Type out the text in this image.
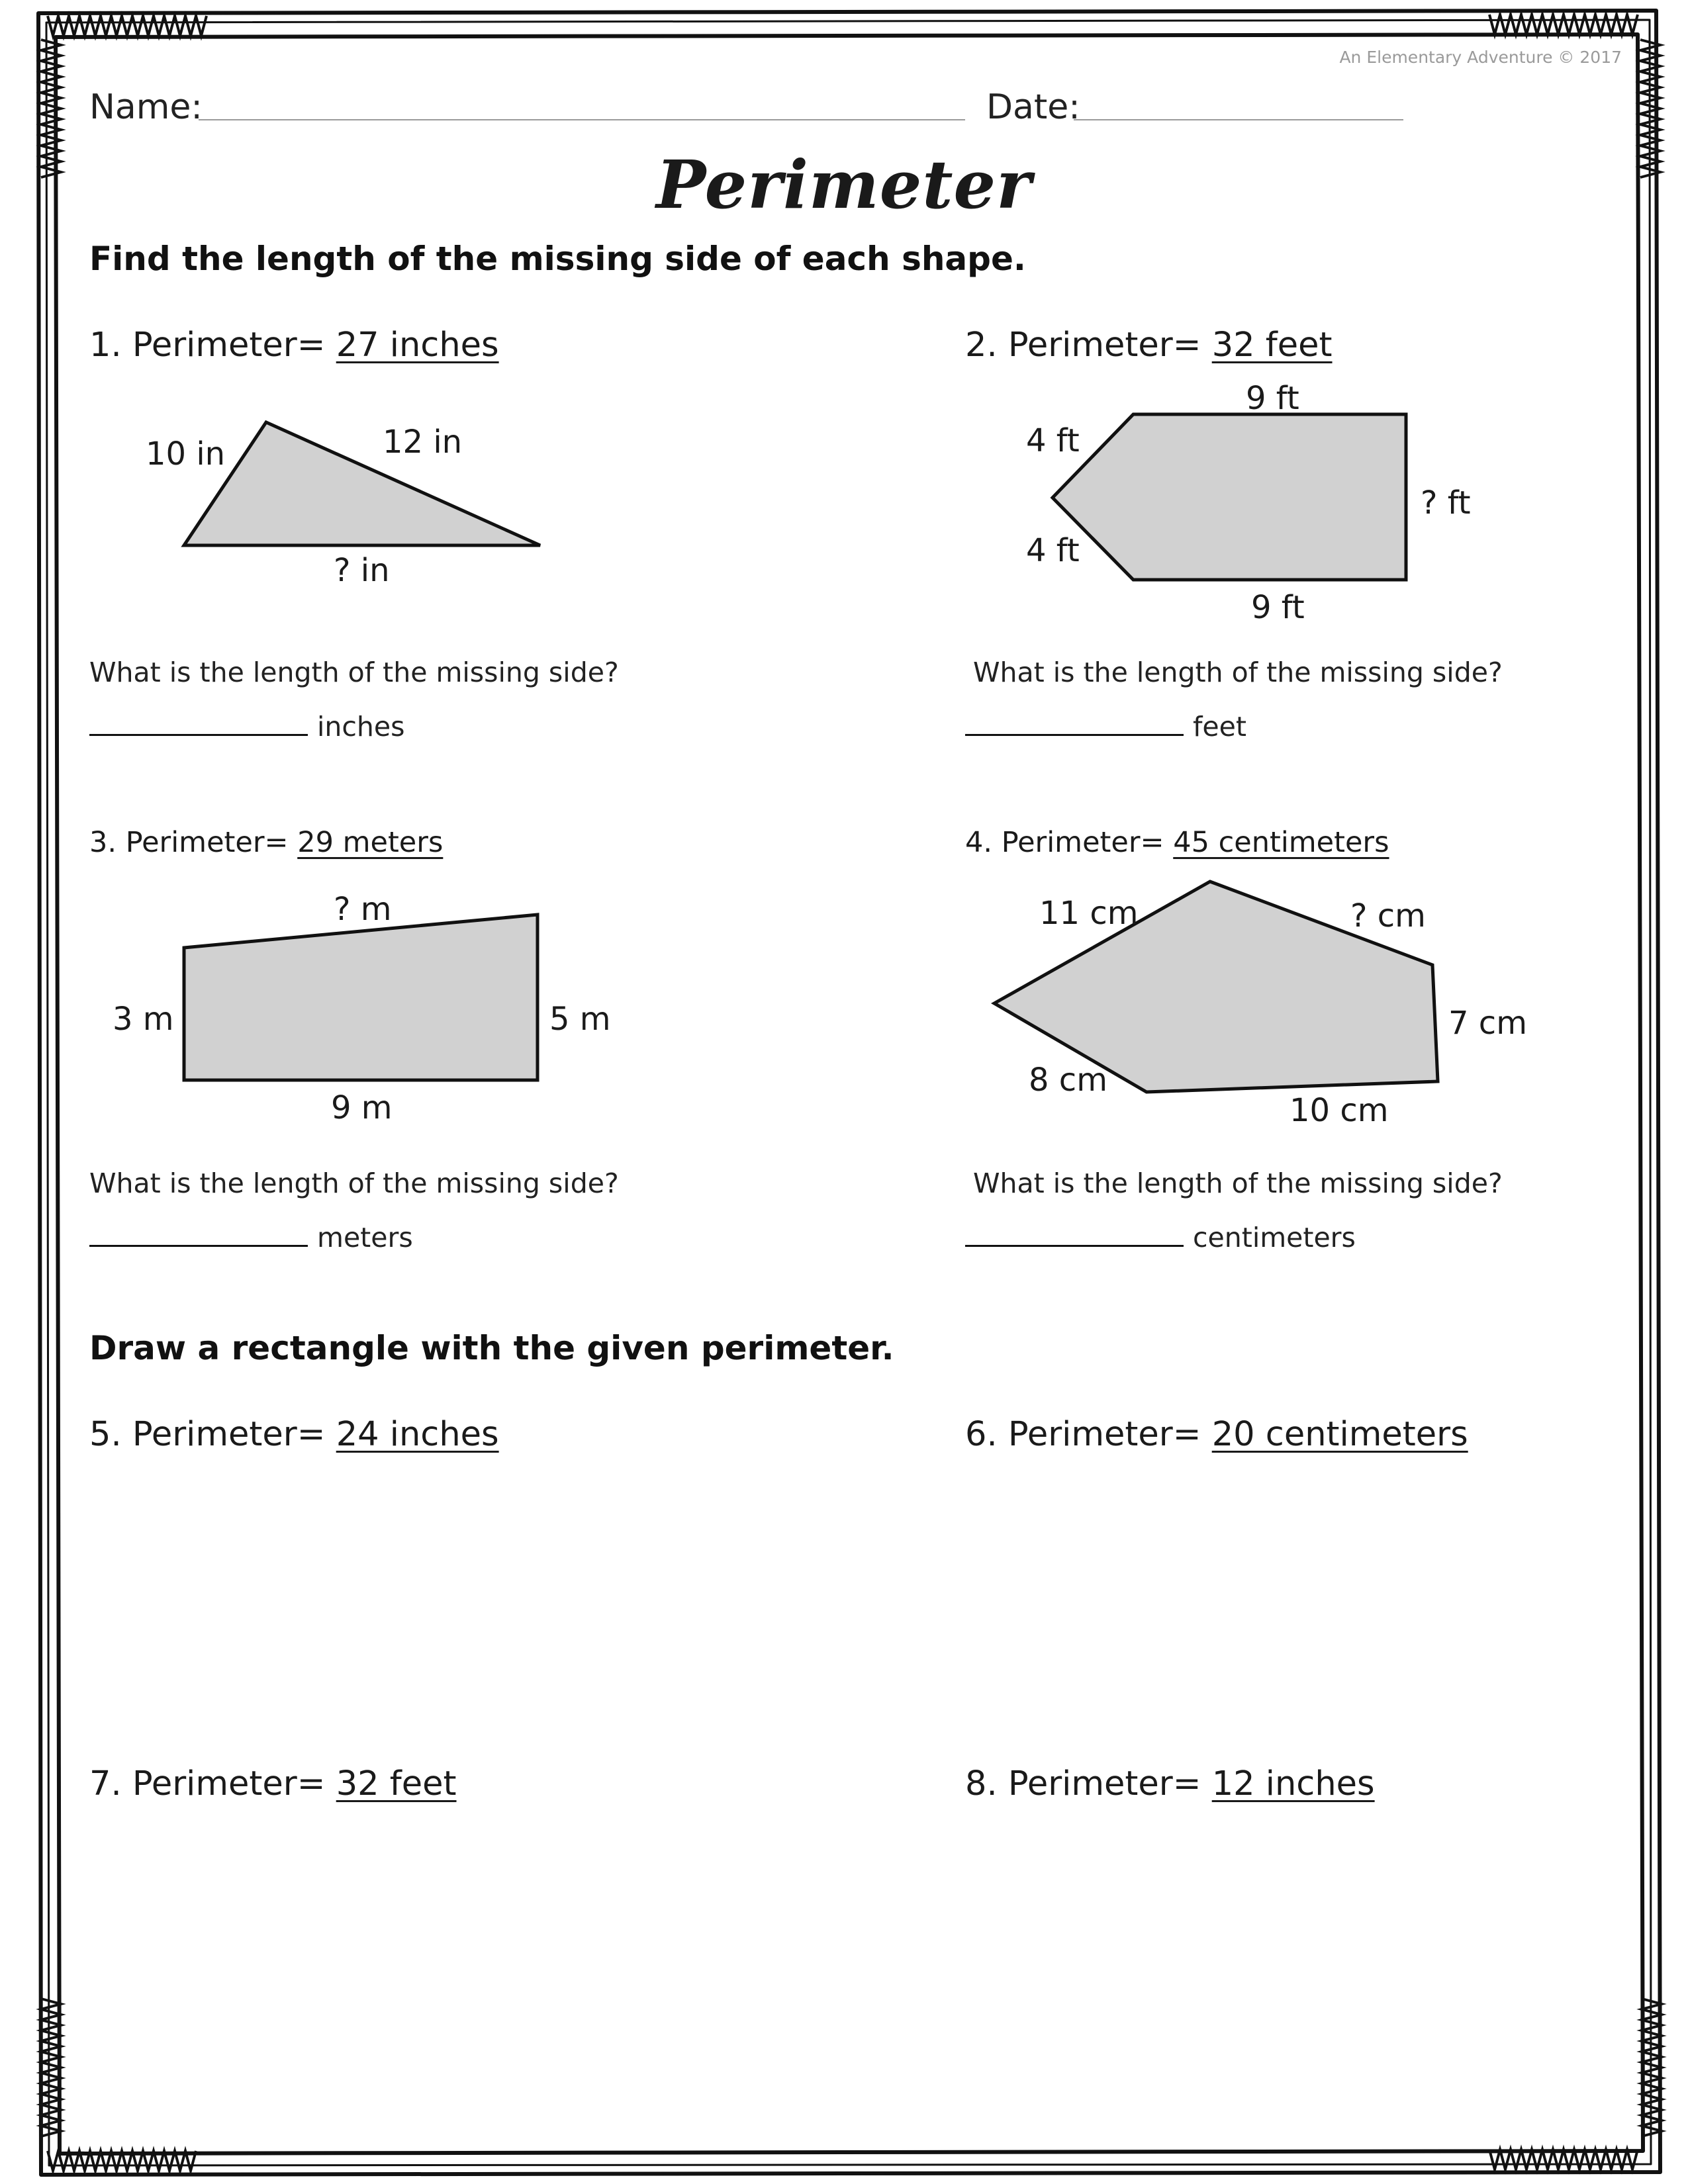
An Elementary Adventure © 2017
Name:	Date:
Perimeter
Find the length of the missing side of each shape.
1. Perimeter= 27 inches
10 in	12 in
? in
9 ft
4 ft
? ft
4 ft
9 ft
? m
3 m	5 m
9 m
11 cm	? cm
7 cm
8 cm
10 cm
What is the length of the missing side?
inches
2. Perimeter= 32 feet
What is the length of the missing side?
feet
3. Perimeter= 29 meters
What is the length of the missing side?
meters
4. Perimeter= 45 centimeters
What is the length of the missing side?
centimeters
Draw a rectangle with the given perimeter.
5. Perimeter= 24 inches	6. Perimeter= 20 centimeters
7. Perimeter= 32 feet	8. Perimeter= 12 inches
